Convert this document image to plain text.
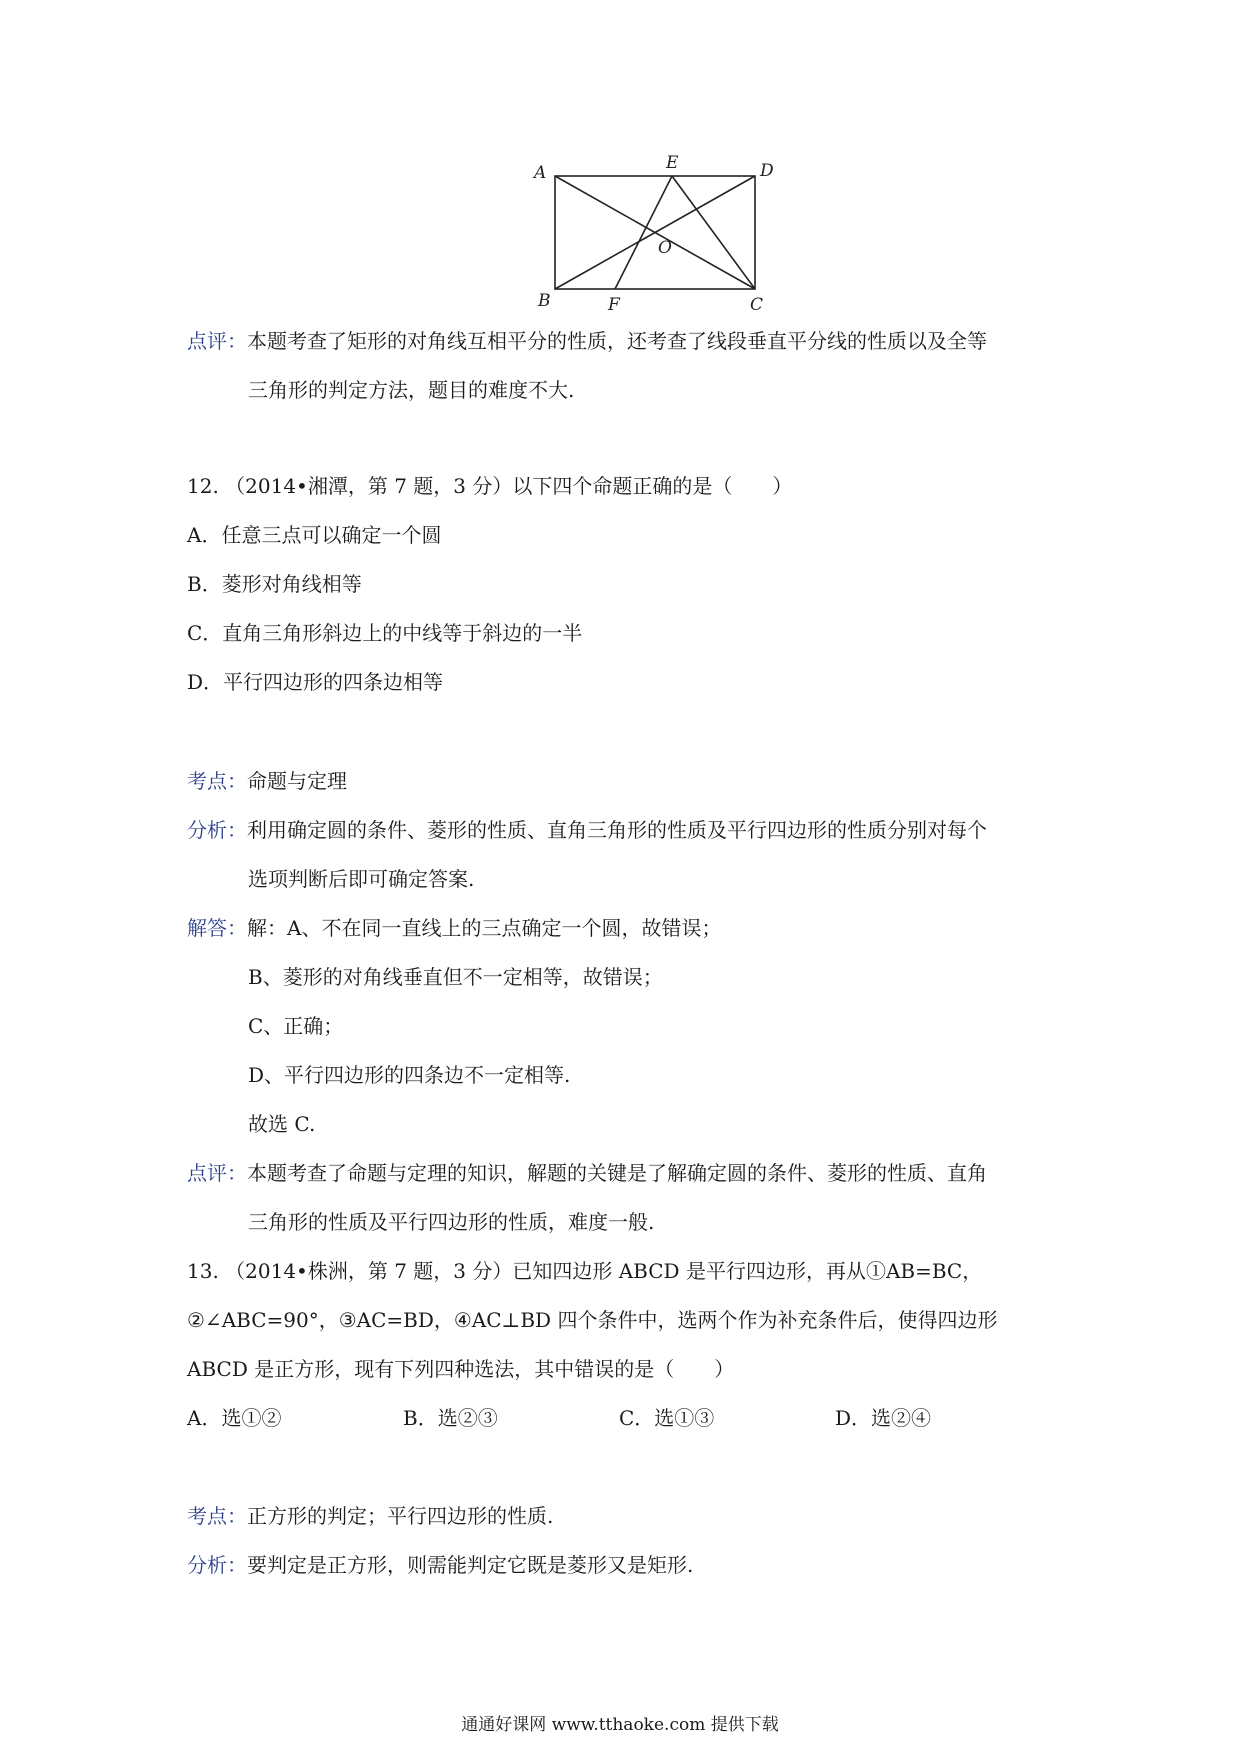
A
B	C
D
E
F
O
点评：本题考查了矩形的对角线互相平分的性质，还考查了线段垂直平分线的性质以及全等
三角形的判定方法，题目的难度不大.
12. （2014•湘潭，第 7 题，3 分）以下四个命题正确的是（　　）
A．任意三点可以确定一个圆
B．菱形对角线相等
C．直角三角形斜边上的中线等于斜边的一半
D．平行四边形的四条边相等
考点：命题与定理
分析：利用确定圆的条件、菱形的性质、直角三角形的性质及平行四边形的性质分别对每个
选项判断后即可确定答案.
解答：解：A、不在同一直线上的三点确定一个圆，故错误；
B、菱形的对角线垂直但不一定相等，故错误；
C、正确；
D、平行四边形的四条边不一定相等.
故选 C.
点评：本题考查了命题与定理的知识，解题的关键是了解确定圆的条件、菱形的性质、直角
三角形的性质及平行四边形的性质，难度一般.
13. （2014•株洲，第 7 题，3 分）已知四边形 ABCD 是平行四边形，再从①AB=BC，
②∠ABC=90°，③AC=BD，④AC⊥BD 四个条件中，选两个作为补充条件后，使得四边形
ABCD 是正方形，现有下列四种选法，其中错误的是（　　）
A．选①②	B．选②③	C．选①③	D．选②④
考点：正方形的判定；平行四边形的性质.
分析：要判定是正方形，则需能判定它既是菱形又是矩形.
通通好课网 www.tthaoke.com 提供下载
